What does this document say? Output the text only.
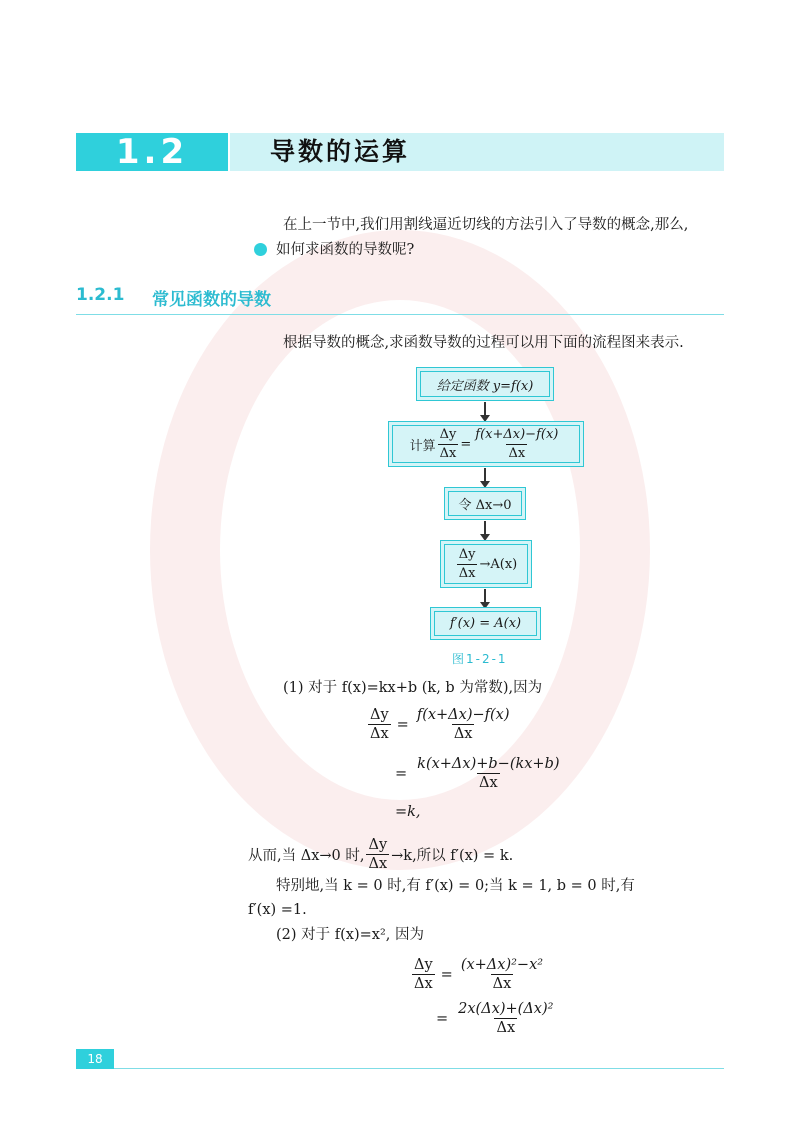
1.2	导数的运算
在上一节中,我们用割线逼近切线的方法引入了导数的概念,那么,
如何求函数的导数呢?
1.2.1 常见函数的导数
根据导数的概念,求函数导数的过程可以用下面的流程图来表示.
给定函数 y=f(x)
计算 $\frac{\Delta y}{\Delta x} = \frac{f(x+\Delta x)-f(x)}{\Delta x}$
令 Δx→0
$\frac{\Delta y}{\Delta x} \to A(x)$
f′(x) = A(x)
图1-2-1
(1) 对于 f(x)=kx+b (k, b 为常数),因为
$\frac{\Delta y}{\Delta x} = \frac{f(x+\Delta x)-f(x)}{\Delta x}$
= $\frac{k(x+\Delta x)+b-(kx+b)}{\Delta x}$
=k,
从而,当 Δx→0 时, $\frac{\Delta y}{\Delta x} \to k$,所以 f′(x) = k.
特别地,当 k = 0 时,有 f′(x) = 0;当 k = 1, b = 0 时,有
f′(x) =1.
(2) 对于 f(x)=x², 因为
$\frac{\Delta y}{\Delta x} = \frac{\text{(x+Δx)²−x²}}{\Delta x}$
= $\frac{\text{2x(Δx)+(Δx)²}}{\Delta x}$
18
